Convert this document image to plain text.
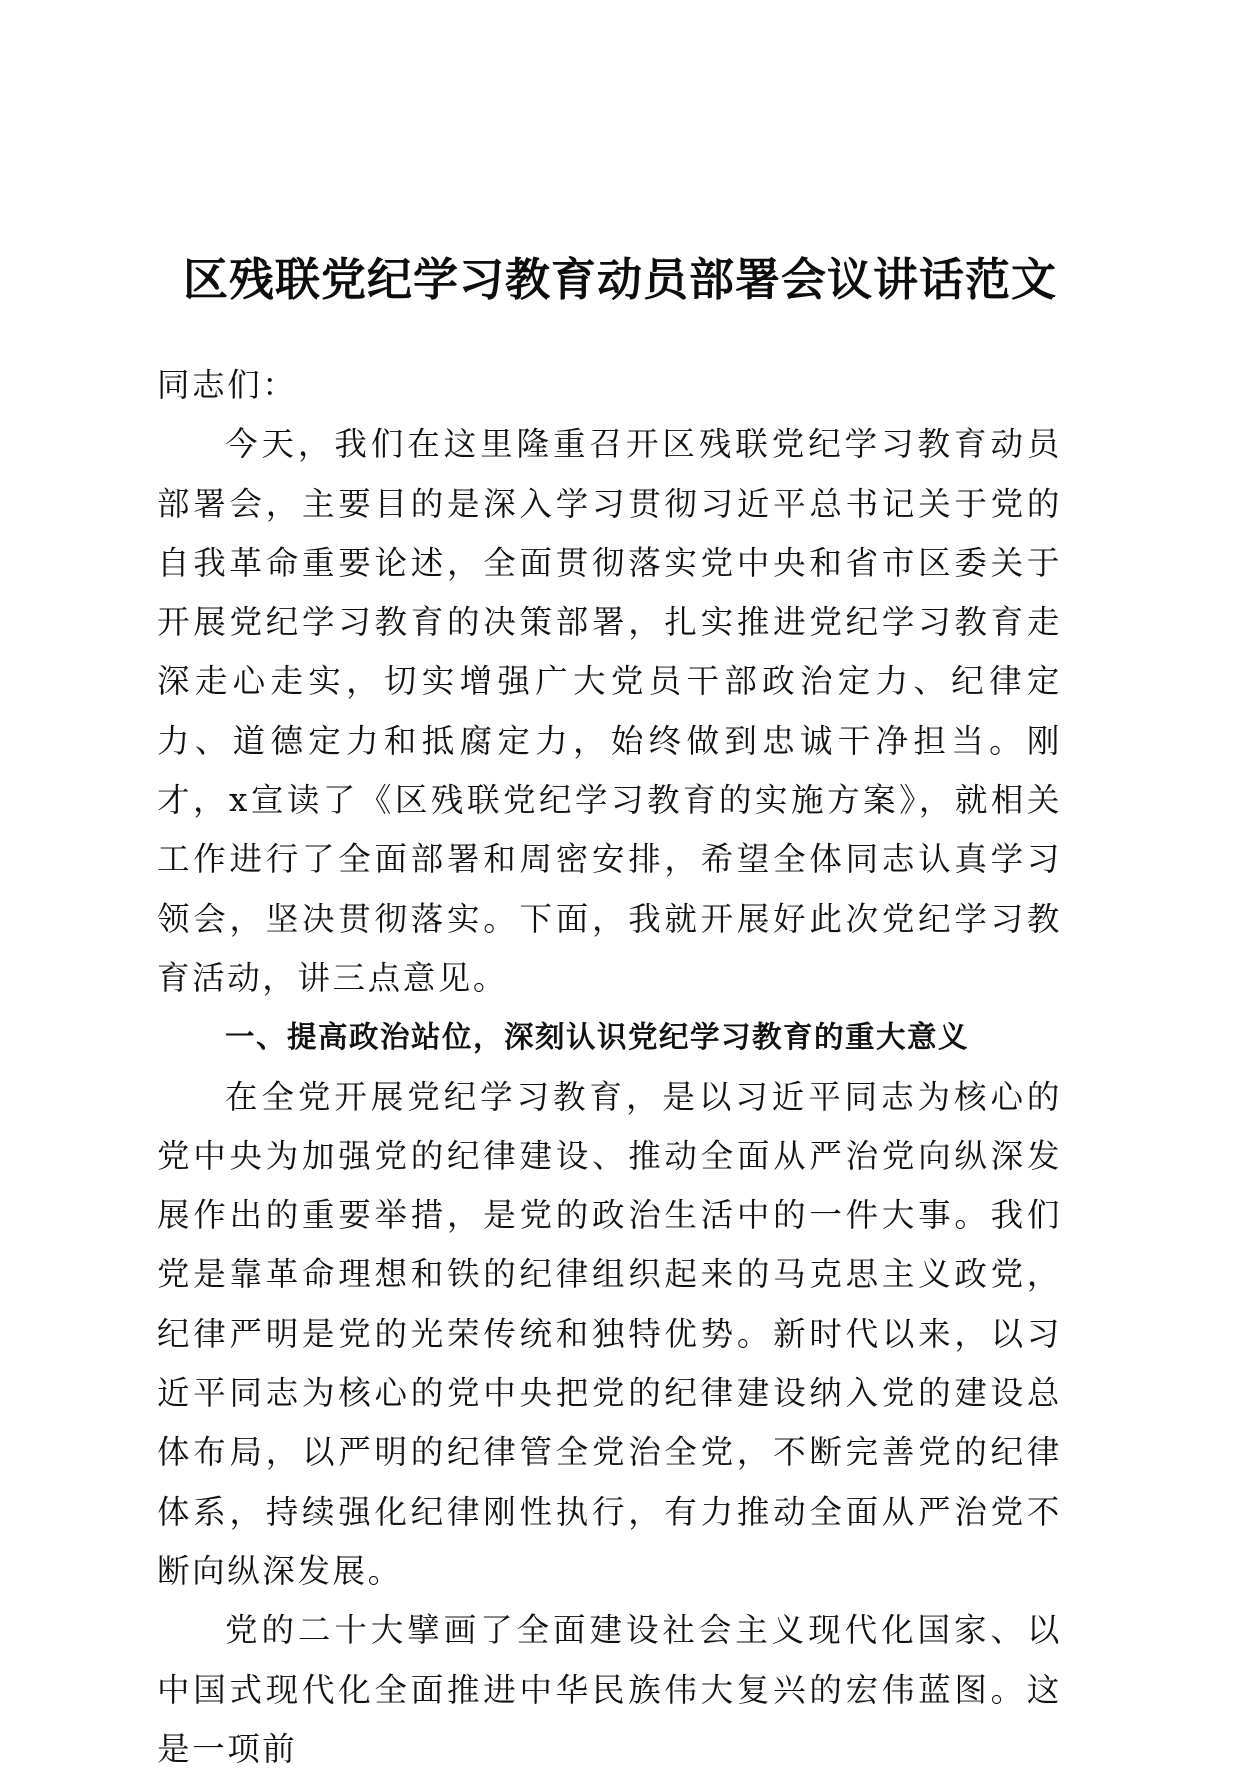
区残联党纪学习教育动员部署会议讲话范文

同志们：

今天，我们在这里隆重召开区残联党纪学习教育动员部署会，主要目的是深入学习贯彻习近平总书记关于党的自我革命重要论述，全面贯彻落实党中央和省市区委关于开展党纪学习教育的决策部署，扎实推进党纪学习教育走深走心走实，切实增强广大党员干部政治定力、纪律定力、道德定力和抵腐定力，始终做到忠诚干净担当。刚才，x宣读了《区残联党纪学习教育的实施方案》，就相关工作进行了全面部署和周密安排，希望全体同志认真学习领会，坚决贯彻落实。下面，我就开展好此次党纪学习教育活动，讲三点意见。

一、提高政治站位，深刻认识党纪学习教育的重大意义

在全党开展党纪学习教育，是以习近平同志为核心的党中央为加强党的纪律建设、推动全面从严治党向纵深发展作出的重要举措，是党的政治生活中的一件大事。我们党是靠革命理想和铁的纪律组织起来的马克思主义政党，纪律严明是党的光荣传统和独特优势。新时代以来，以习近平同志为核心的党中央把党的纪律建设纳入党的建设总体布局，以严明的纪律管全党治全党，不断完善党的纪律体系，持续强化纪律刚性执行，有力推动全面从严治党不断向纵深发展。

党的二十大擘画了全面建设社会主义现代化国家、以中国式现代化全面推进中华民族伟大复兴的宏伟蓝图。这是一项前
